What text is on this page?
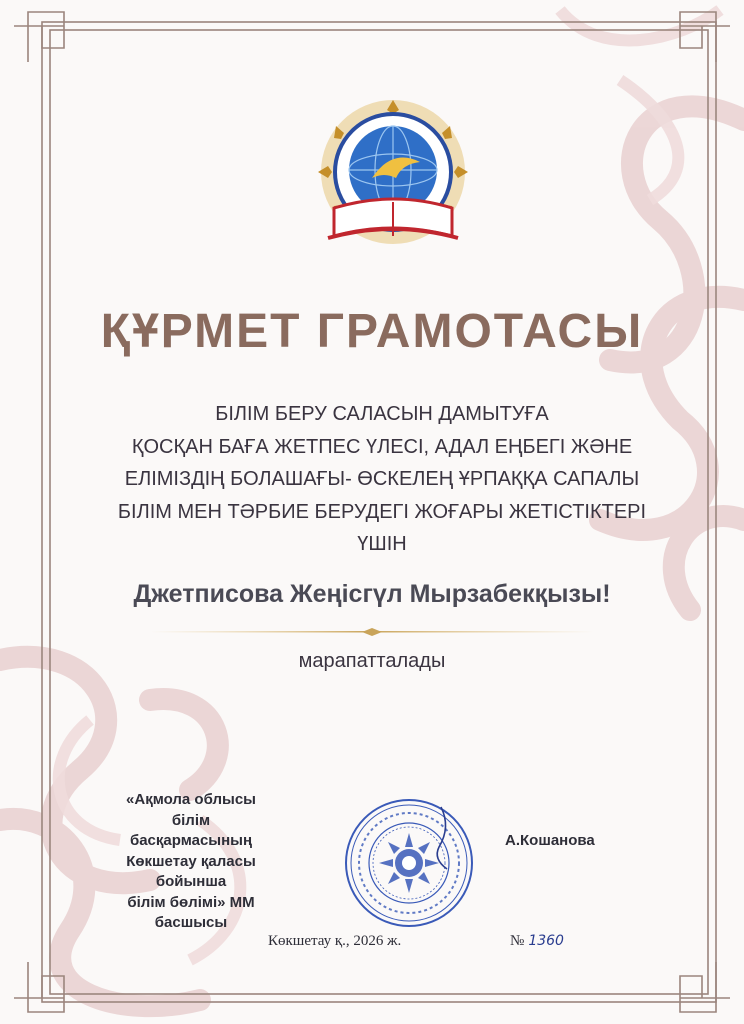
ҚҰРМЕТ ГРАМОТАСЫ
БІЛІМ БЕРУ САЛАСЫН ДАМЫТУҒА
ҚОСҚАН БАҒА ЖЕТПЕС ҮЛЕСІ, АДАЛ ЕҢБЕГІ ЖӘНЕ
ЕЛІМІЗДІҢ БОЛАШАҒЫ- ӨСКЕЛЕҢ ҰРПАҚҚА САПАЛЫ
БІЛІМ МЕН ТӘРБИЕ БЕРУДЕГІ ЖОҒАРЫ ЖЕТІСТІКТЕРІ
ҮШІН
Джетписова Жеңісгүл Мырзабекқызы!
марапатталады
«Ақмола облысы
білім
басқармасының
Көкшетау қаласы
бойынша
білім бөлімі» ММ
басшысы
А.Кошанова
Көкшетау қ., 2026 ж.	№ 1360
